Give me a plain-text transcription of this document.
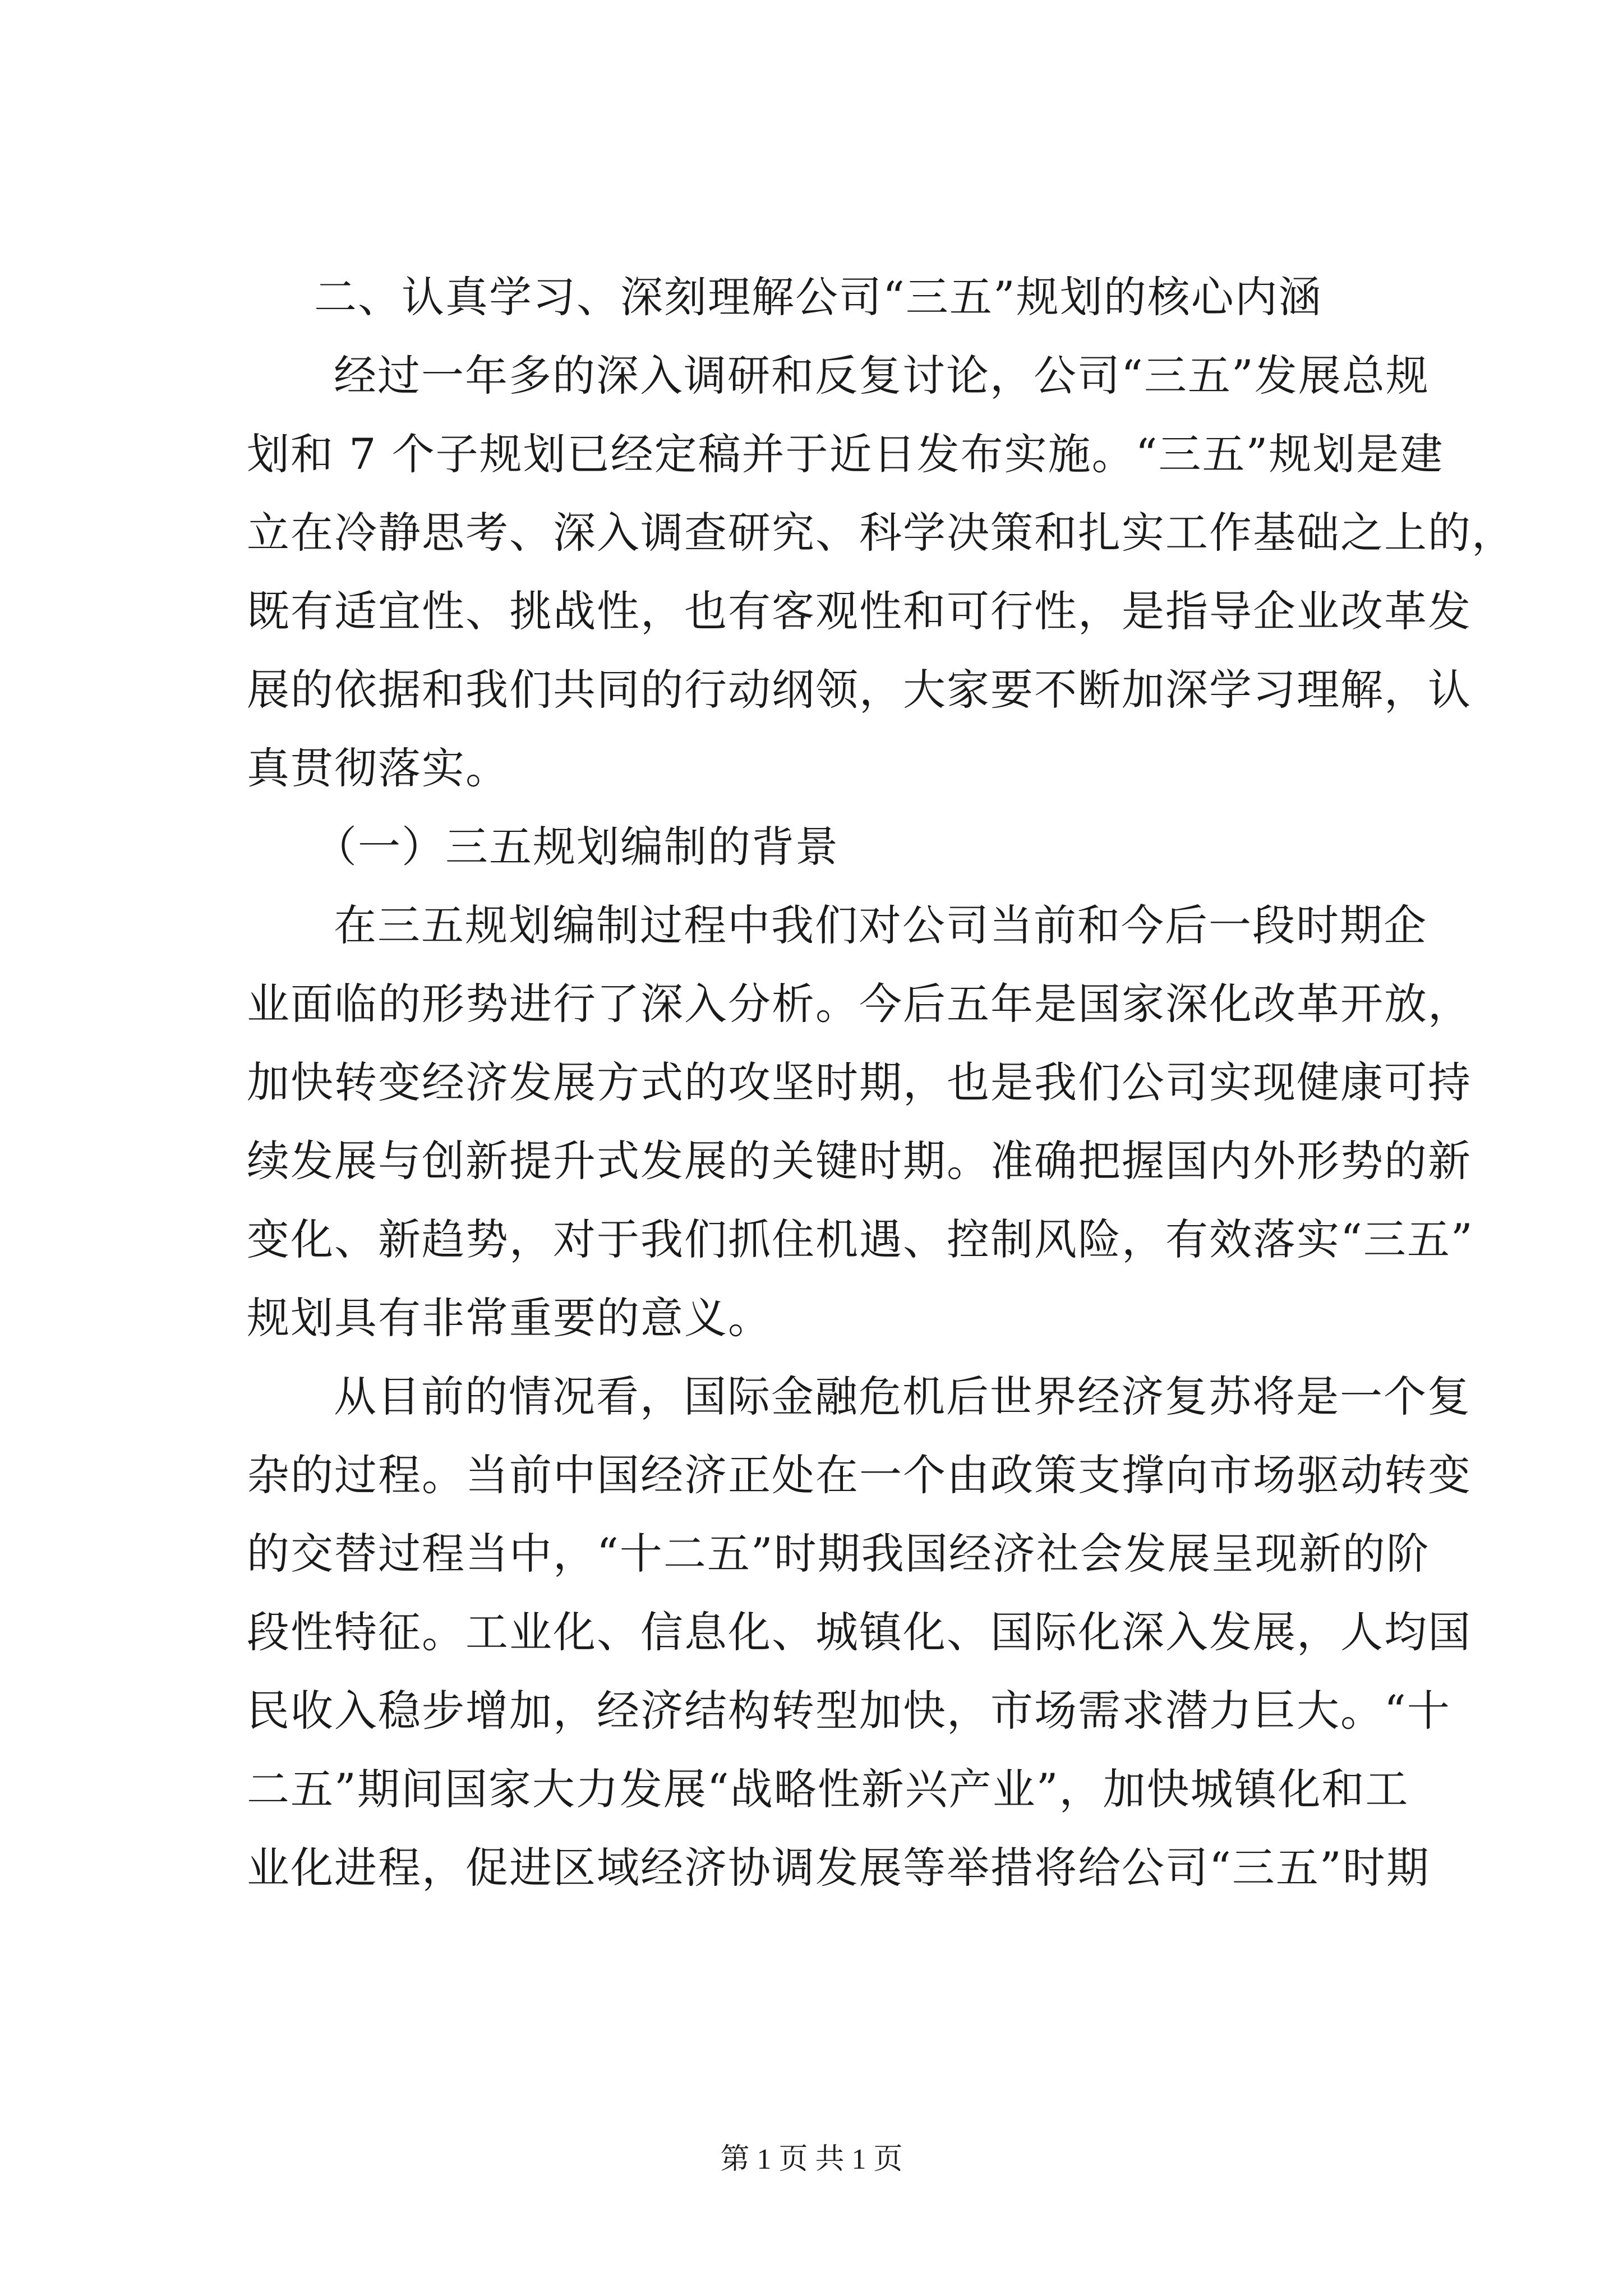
二、认真学习、深刻理解公司“三五”规划的核心内涵
经过一年多的深入调研和反复讨论，公司“三五”发展总规
划和 7 个子规划已经定稿并于近日发布实施。“三五”规划是建
立在冷静思考、深入调查研究、科学决策和扎实工作基础之上的，
既有适宜性、挑战性，也有客观性和可行性，是指导企业改革发
展的依据和我们共同的行动纲领，大家要不断加深学习理解，认
真贯彻落实。
（一）三五规划编制的背景
在三五规划编制过程中我们对公司当前和今后一段时期企
业面临的形势进行了深入分析。今后五年是国家深化改革开放，
加快转变经济发展方式的攻坚时期，也是我们公司实现健康可持
续发展与创新提升式发展的关键时期。准确把握国内外形势的新
变化、新趋势，对于我们抓住机遇、控制风险，有效落实“三五”
规划具有非常重要的意义。
从目前的情况看，国际金融危机后世界经济复苏将是一个复
杂的过程。当前中国经济正处在一个由政策支撑向市场驱动转变
的交替过程当中，“十二五”时期我国经济社会发展呈现新的阶
段性特征。工业化、信息化、城镇化、国际化深入发展，人均国
民收入稳步增加，经济结构转型加快，市场需求潜力巨大。“十
二五”期间国家大力发展“战略性新兴产业”，加快城镇化和工
业化进程，促进区域经济协调发展等举措将给公司“三五”时期
第 1 页 共 1 页
